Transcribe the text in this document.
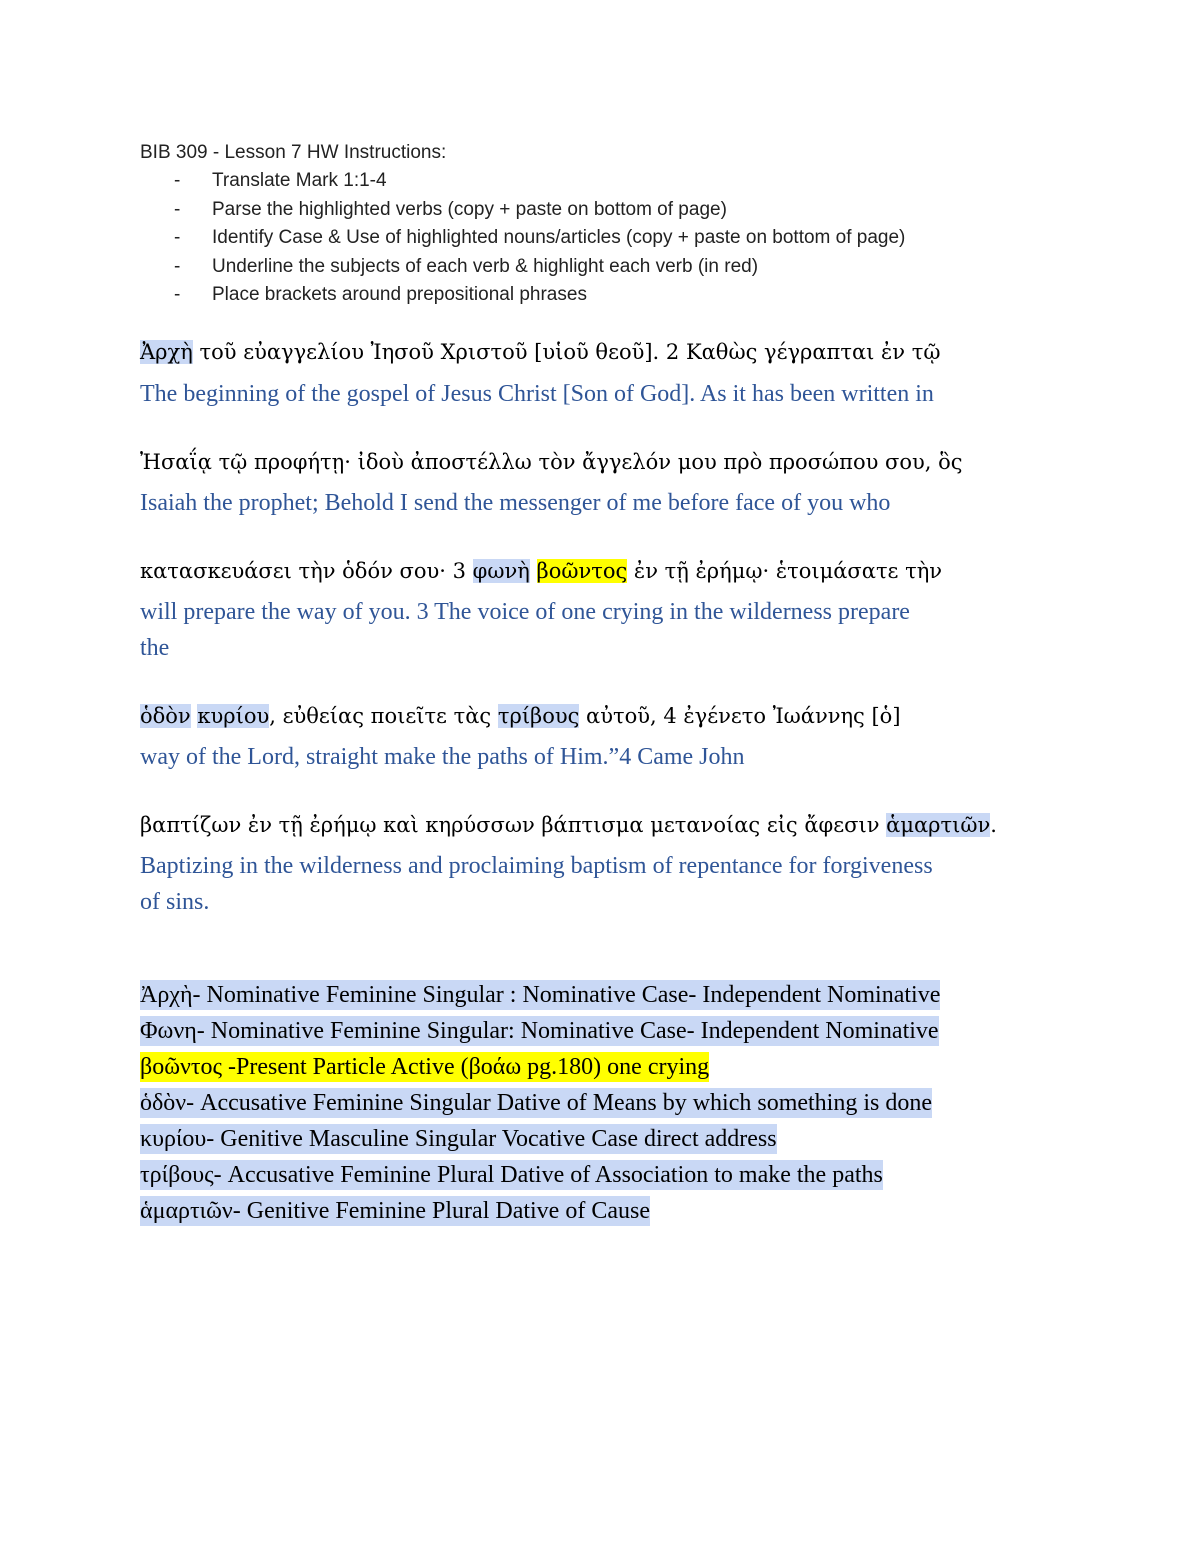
BIB 309 - Lesson 7 HW Instructions:
- Translate Mark 1:1-4
- Parse the highlighted verbs (copy + paste on bottom of page)
- Identify Case & Use of highlighted nouns/articles (copy + paste on bottom of page)
- Underline the subjects of each verb & highlight each verb (in red)
- Place brackets around prepositional phrases
Ἀρχὴ τοῦ εὐαγγελίου Ἰησοῦ Χριστοῦ [υἱοῦ θεοῦ]. 2 Καθὼς γέγραπται ἐν τῷ
The beginning of the gospel of Jesus Christ [Son of God]. As it has been written in
Ἠσαΐᾳ τῷ προφήτῃ· ἰδοὺ ἀποστέλλω τὸν ἄγγελόν μου πρὸ προσώπου σου, ὃς
Isaiah the prophet; Behold I send the messenger of me before face of you who
κατασκευάσει τὴν ὁδόν σου· 3 φωνὴ βοῶντος ἐν τῇ ἐρήμῳ· ἑτοιμάσατε τὴν
will prepare the way of you. 3 The voice of one crying in the wilderness prepare
the
ὁδὸν κυρίου, εὐθείας ποιεῖτε τὰς τρίβους αὐτοῦ, 4 ἐγένετο Ἰωάννης [ὁ]
way of the Lord, straight make the paths of Him.”4 Came John
βαπτίζων ἐν τῇ ἐρήμῳ καὶ κηρύσσων βάπτισμα μετανοίας εἰς ἄφεσιν ἁμαρτιῶν.
Baptizing in the wilderness and proclaiming baptism of repentance for forgiveness
of sins.
Ἀρχὴ- Nominative Feminine Singular : Nominative Case- Independent Nominative
Φωνη- Nominative Feminine Singular: Nominative Case- Independent Nominative
βοῶντος -Present Particle Active (βοάω pg.180) one crying
ὁδὸν- Accusative Feminine Singular Dative of Means by which something is done
κυρίου- Genitive Masculine Singular Vocative Case direct address
τρίβους- Accusative Feminine Plural Dative of Association to make the paths
ἁμαρτιῶν- Genitive Feminine Plural Dative of Cause
